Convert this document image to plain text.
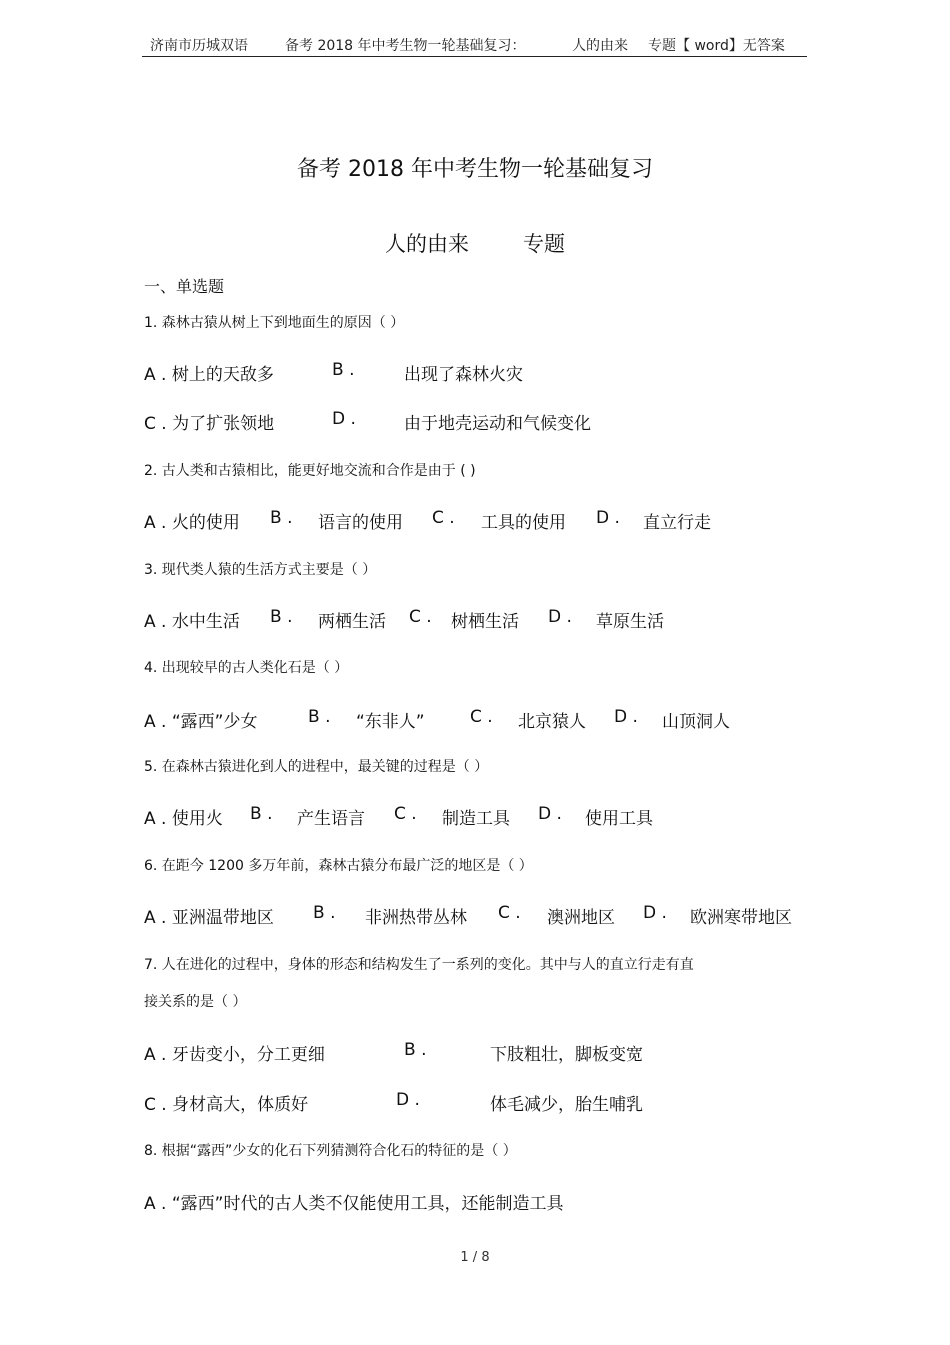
济南市历城双语	备考 2018 年中考生物一轮基础复习：	人的由来 专题【 word】无答案
备考 2018 年中考生物一轮基础复习
人的由来	专题
一、单选题
1. 森林古猿从树上下到地面生的原因（ ）
A . 树上的天敌多	B .	出现了森林火灾
C . 为了扩张领地	D .	由于地壳运动和气候变化
2. 古人类和古猿相比，能更好地交流和合作是由于 ( )
A . 火的使用 B . 语言的使用 C . 工具的使用 D . 直立行走
3. 现代类人猿的生活方式主要是（ ）
A . 水中生活 B . 两栖生活 C . 树栖生活 D . 草原生活
4. 出现较早的古人类化石是（ ）
A . “露西”少女	B . “东非人”	C . 北京猿人 D . 山顶洞人
5. 在森林古猿进化到人的进程中，最关键的过程是（ ）
A . 使用火 B . 产生语言 C . 制造工具 D . 使用工具
6. 在距今 1200 多万年前，森林古猿分布最广泛的地区是（ ）
A . 亚洲温带地区 B . 非洲热带丛林 C . 澳洲地区 D . 欧洲寒带地区
7. 人在进化的过程中，身体的形态和结构发生了一系列的变化。其中与人的直立行走有直
接关系的是（ ）
A . 牙齿变小，分工更细	B .	下肢粗壮，脚板变宽
C . 身材高大，体质好	D .	体毛减少，胎生哺乳
8. 根据“露西”少女的化石下列猜测符合化石的特征的是（ ）
A . “露西”时代的古人类不仅能使用工具，还能制造工具
1 / 8
